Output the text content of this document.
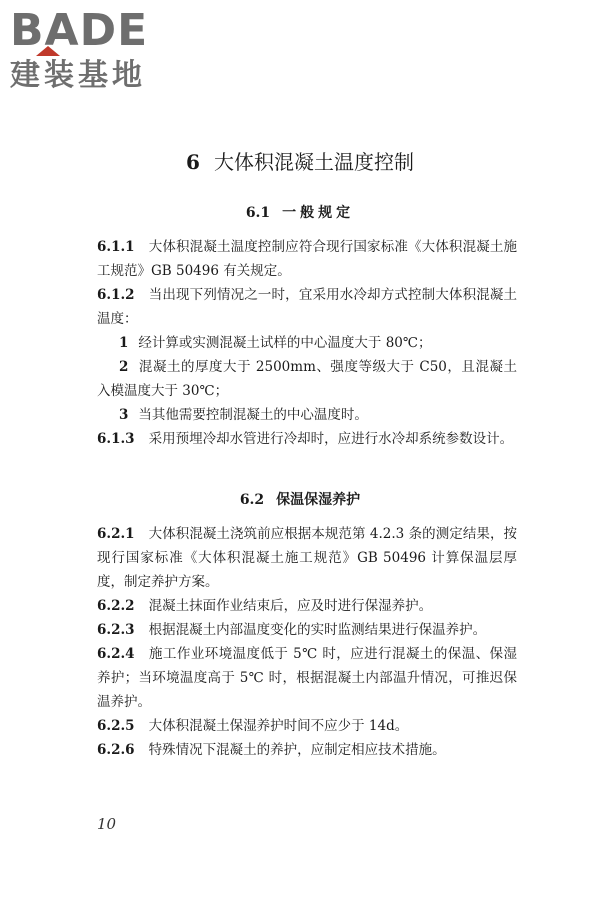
BADE
建装基地
6 大体积混凝土温度控制
6.1 一般规定
6.1.1 大体积混凝土温度控制应符合现行国家标准《大体积混凝土施工规范》GB 50496 有关规定。
6.1.2 当出现下列情况之一时，宜采用水冷却方式控制大体积混凝土温度：
1 经计算或实测混凝土试样的中心温度大于 80℃；
2 混凝土的厚度大于 2500mm、强度等级大于 C50，且混凝土入模温度大于 30℃；
3 当其他需要控制混凝土的中心温度时。
6.1.3 采用预埋冷却水管进行冷却时，应进行水冷却系统参数设计。
6.2 保温保湿养护
6.2.1 大体积混凝土浇筑前应根据本规范第 4.2.3 条的测定结果，按现行国家标准《大体积混凝土施工规范》GB 50496 计算保温层厚度，制定养护方案。
6.2.2 混凝土抹面作业结束后，应及时进行保湿养护。
6.2.3 根据混凝土内部温度变化的实时监测结果进行保温养护。
6.2.4 施工作业环境温度低于 5℃ 时，应进行混凝土的保温、保湿养护；当环境温度高于 5℃ 时，根据混凝土内部温升情况，可推迟保温养护。
6.2.5 大体积混凝土保湿养护时间不应少于 14d。
6.2.6 特殊情况下混凝土的养护，应制定相应技术措施。
10
